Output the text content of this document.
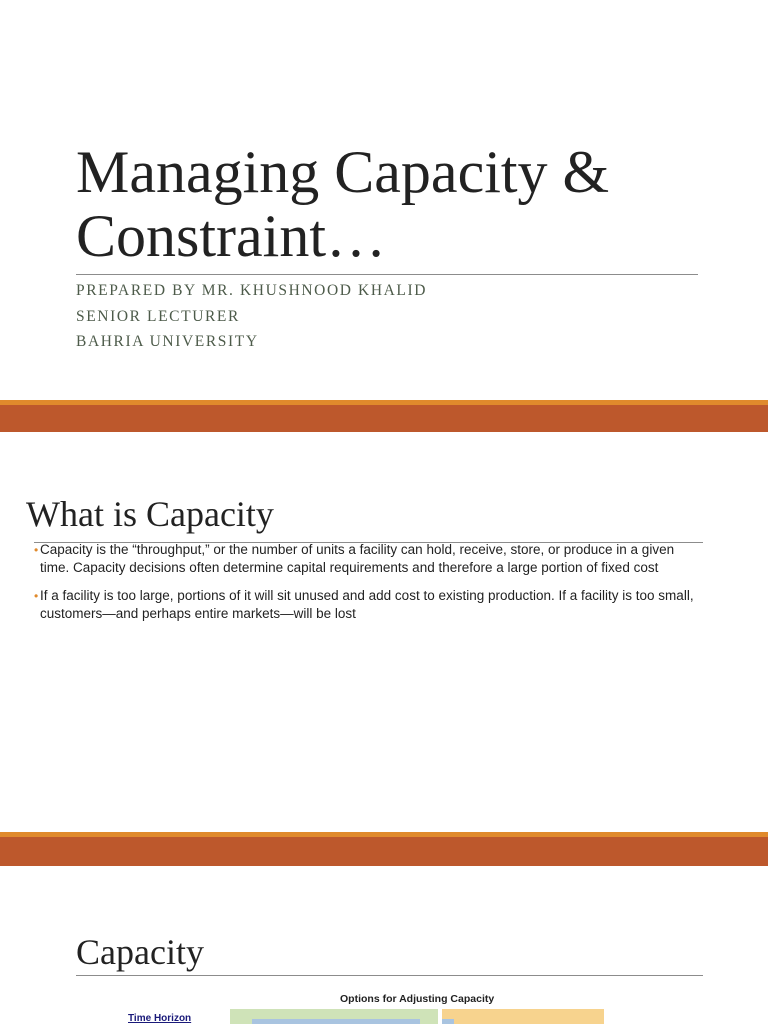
Managing Capacity &
Constraint…
PREPARED BY MR. KHUSHNOOD KHALID
SENIOR LECTURER
BAHRIA UNIVERSITY
What is Capacity
• Capacity is the “throughput,” or the number of units a facility can hold, receive, store, or produce in a given time. Capacity decisions often determine capital requirements and therefore a large portion of fixed cost
• If a facility is too large, portions of it will sit unused and add cost to existing production. If a facility is too small, customers—and perhaps entire markets—will be lost
Capacity
Options for Adjusting Capacity
Time Horizon
